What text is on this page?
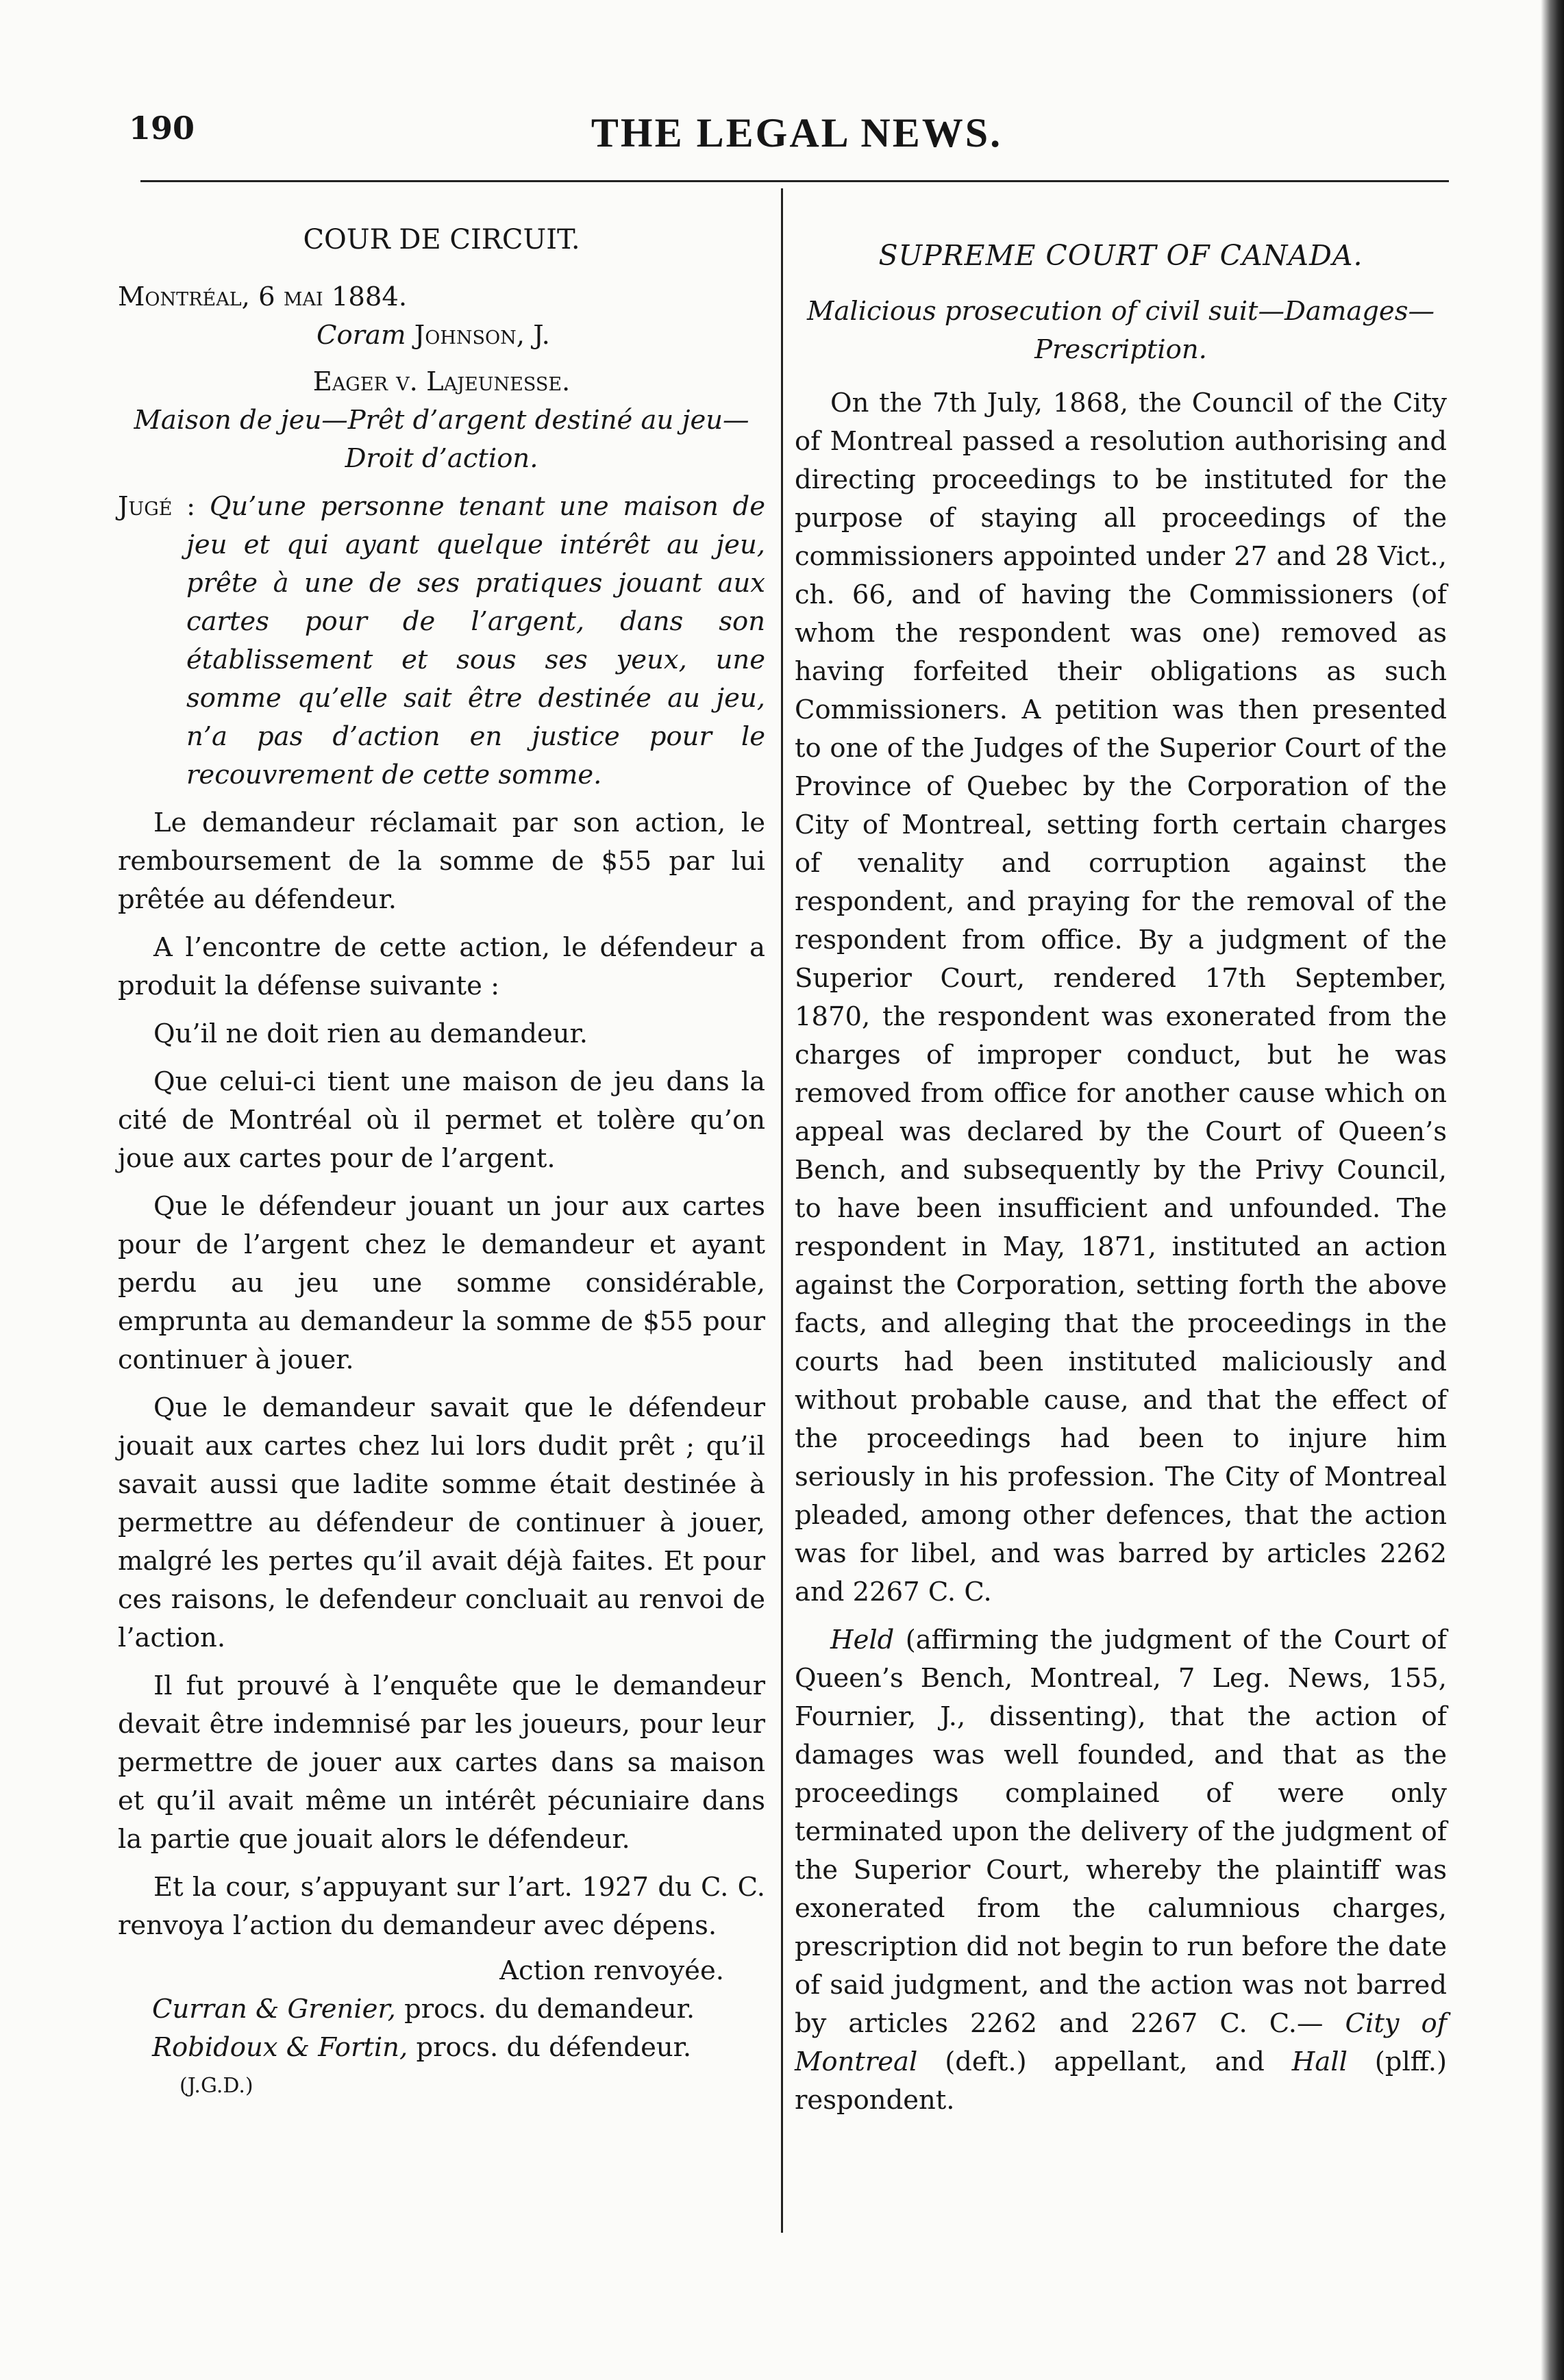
190	THE LEGAL NEWS.
COUR DE CIRCUIT.

Montréal, 6 mai 1884.

Coram Johnson, J.

Eager v. Lajeunesse.

Maison de jeu—Prêt d’argent destiné au jeu—Droit d’action.

Jugé : Qu’une personne tenant une maison de jeu et qui ayant quelque intérêt au jeu, prête à une de ses pratiques jouant aux cartes pour de l’argent, dans son établissement et sous ses yeux, une somme qu’elle sait être destinée au jeu, n’a pas d’action en justice pour le recouvrement de cette somme.

Le demandeur réclamait par son action, le remboursement de la somme de $55 par lui prêtée au défendeur.

A l’encontre de cette action, le défendeur a produit la défense suivante :

Qu’il ne doit rien au demandeur.

Que celui-ci tient une maison de jeu dans la cité de Montréal où il permet et tolère qu’on joue aux cartes pour de l’argent.

Que le défendeur jouant un jour aux cartes pour de l’argent chez le demandeur et ayant perdu au jeu une somme considérable, emprunta au demandeur la somme de $55 pour continuer à jouer.

Que le demandeur savait que le défendeur jouait aux cartes chez lui lors dudit prêt ; qu’il savait aussi que ladite somme était destinée à permettre au défendeur de continuer à jouer, malgré les pertes qu’il avait déjà faites. Et pour ces raisons, le defendeur concluait au renvoi de l’action.

Il fut prouvé à l’enquête que le demandeur devait être indemnisé par les joueurs, pour leur permettre de jouer aux cartes dans sa maison et qu’il avait même un intérêt pécuniaire dans la partie que jouait alors le défendeur.

Et la cour, s’appuyant sur l’art. 1927 du C. C. renvoya l’action du demandeur avec dépens.

Action renvoyée.

Curran & Grenier, procs. du demandeur.

Robidoux & Fortin, procs. du défendeur.

(J.G.D.)

SUPREME COURT OF CANADA.

Malicious prosecution of civil suit—Damages—Prescription.

On the 7th July, 1868, the Council of the City of Montreal passed a resolution authorising and directing proceedings to be instituted for the purpose of staying all proceedings of the commissioners appointed under 27 and 28 Vict., ch. 66, and of having the Commissioners (of whom the respondent was one) removed as having forfeited their obligations as such Commissioners. A petition was then presented to one of the Judges of the Superior Court of the Province of Quebec by the Corporation of the City of Montreal, setting forth certain charges of venality and corruption against the respondent, and praying for the removal of the respondent from office. By a judgment of the Superior Court, rendered 17th September, 1870, the respondent was exonerated from the charges of improper conduct, but he was removed from office for another cause which on appeal was declared by the Court of Queen’s Bench, and subsequently by the Privy Council, to have been insufficient and unfounded. The respondent in May, 1871, instituted an action against the Corporation, setting forth the above facts, and alleging that the proceedings in the courts had been instituted maliciously and without probable cause, and that the effect of the proceedings had been to injure him seriously in his profession. The City of Montreal pleaded, among other defences, that the action was for libel, and was barred by articles 2262 and 2267 C. C.

Held (affirming the judgment of the Court of Queen’s Bench, Montreal, 7 Leg. News, 155, Fournier, J., dissenting), that the action of damages was well founded, and that as the proceedings complained of were only terminated upon the delivery of the judgment of the Superior Court, whereby the plaintiff was exonerated from the calumnious charges, prescription did not begin to run before the date of said judgment, and the action was not barred by articles 2262 and 2267 C. C.— City of Montreal (deft.) appellant, and Hall (plff.) respondent.
